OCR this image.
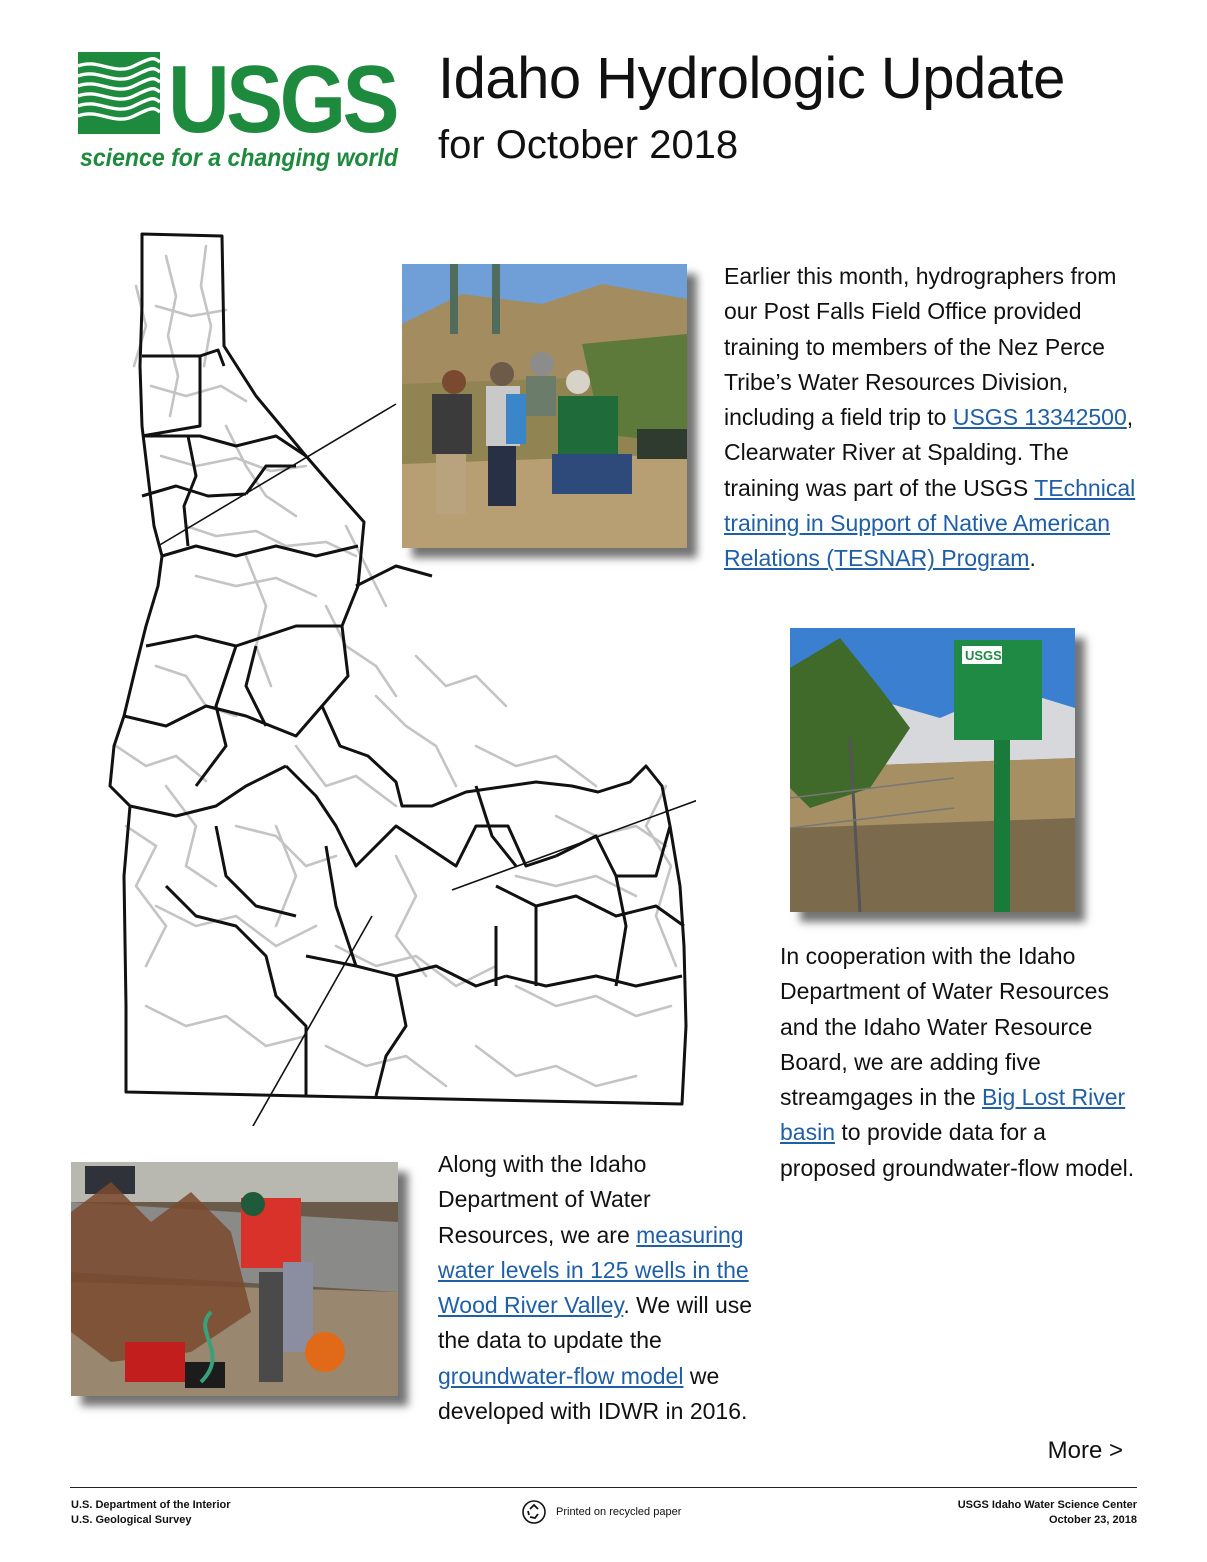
USGS
science for a changing world
Idaho Hydrologic Update
for October 2018
USGS

Earlier this month, hydrographers from our Post Falls Field Office provided training to members of the Nez Perce Tribe’s Water Resources Division, including a field trip to USGS 13342500, Clearwater River at Spalding. The training was part of the USGS TEchnical training in Support of Native American Relations (TESNAR) Program.

In cooperation with the Idaho Department of Water Resources and the Idaho Water Resource Board, we are adding five streamgages in the Big Lost River basin to provide data for a proposed groundwater-flow model.

Along with the Idaho Department of Water Resources, we are measuring water levels in 125 wells in the Wood River Valley. We will use the data to update the groundwater-flow model we developed with IDWR in 2016.

More >
U.S. Department of the Interior
U.S. Geological Survey
Printed on recycled paper
USGS Idaho Water Science Center
October 23, 2018
